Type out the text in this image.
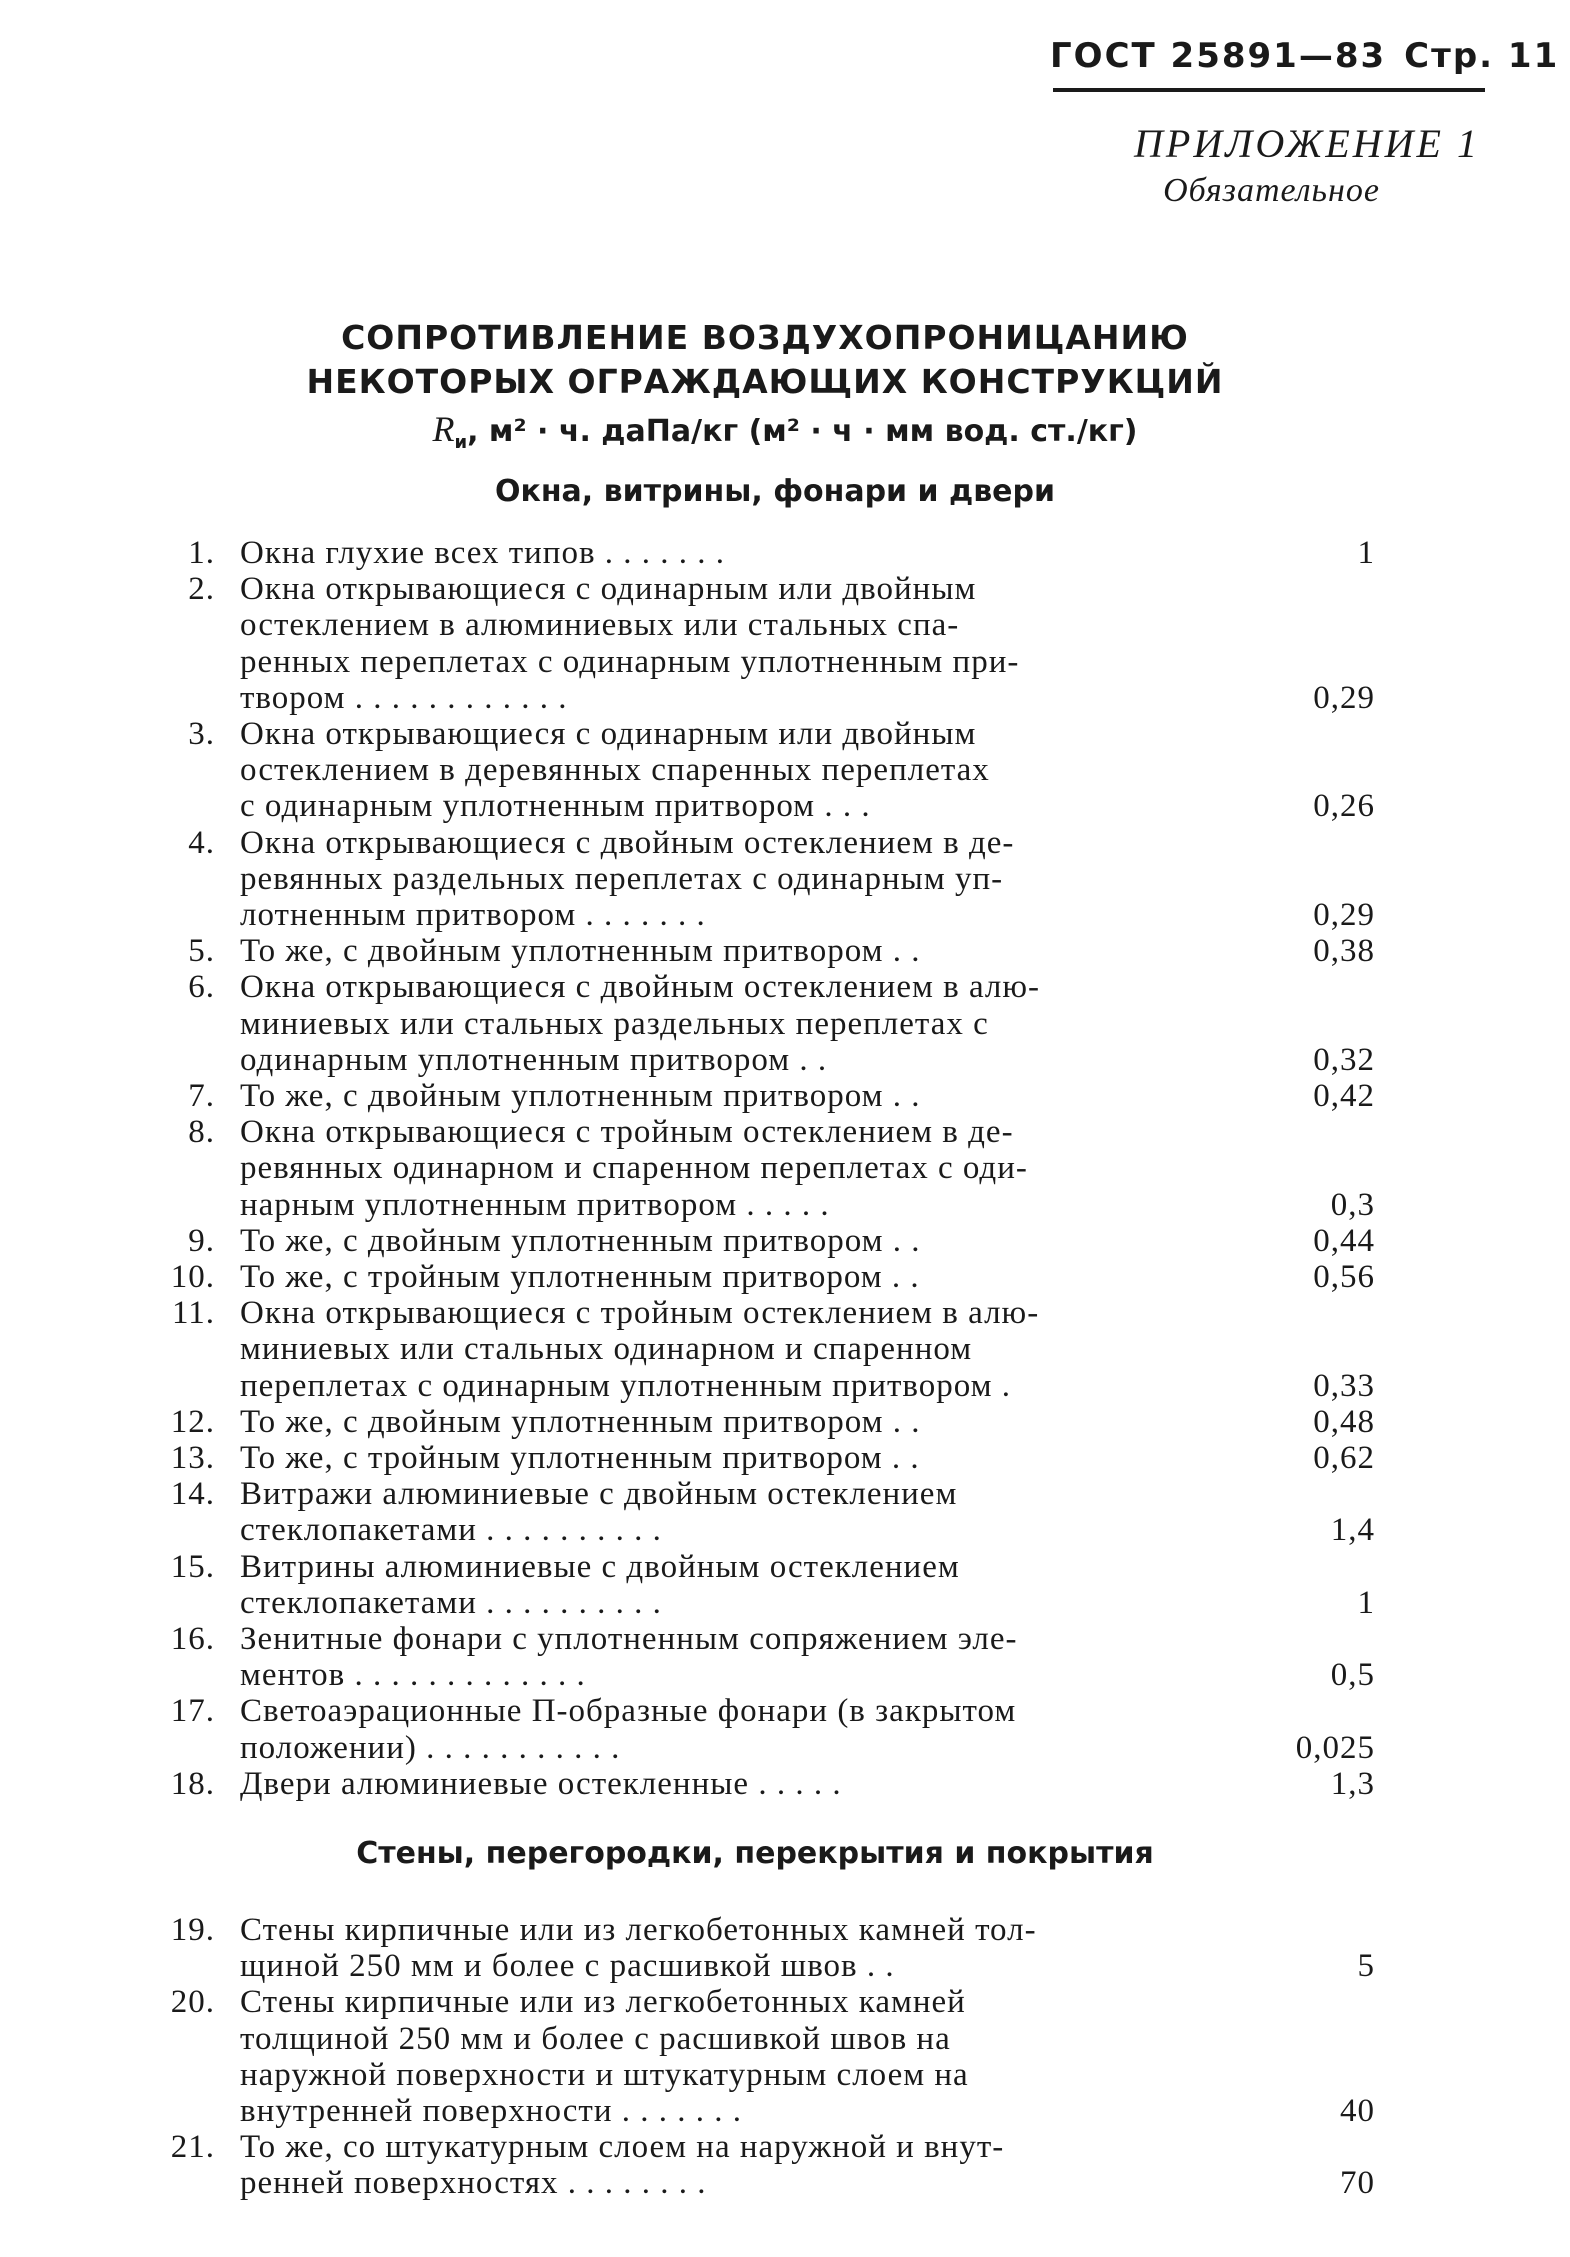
ГОСТ 25891—83 Стр. 11
ПРИЛОЖЕНИЕ 1
Обязательное
СОПРОТИВЛЕНИЕ ВОЗДУХОПРОНИЦАНИЮ
НЕКОТОРЫХ ОГРАЖДАЮЩИХ КОНСТРУКЦИЙ
$R_и$, м² · ч. даПа/кг (м² · ч · мм вод. ст./кг)
Окна, витрины, фонари и двери
Стены, перегородки, перекрытия и покрытия
1. Окна глухие всех типов . . . . . . .	1
2. Окна открывающиеся с одинарным или двойным
остеклением в алюминиевых или стальных спа-
ренных переплетах с одинарным уплотненным при-
твором . . . . . . . . . . . .	0,29
3. Окна открывающиеся с одинарным или двойным
остеклением в деревянных спаренных переплетах
с одинарным уплотненным притвором . . .	0,26
4. Окна открывающиеся с двойным остеклением в де-
ревянных раздельных переплетах с одинарным уп-
лотненным притвором . . . . . . .	0,29
5. То же, с двойным уплотненным притвором . .	0,38
6. Окна открывающиеся с двойным остеклением в алю-
миниевых или стальных раздельных переплетах с
одинарным уплотненным притвором . .	0,32
7. То же, с двойным уплотненным притвором . .	0,42
8. Окна открывающиеся с тройным остеклением в де-
ревянных одинарном и спаренном переплетах с оди-
нарным уплотненным притвором . . . . .	0,3
9. То же, с двойным уплотненным притвором . .	0,44
10. То же, с тройным уплотненным притвором . .	0,56
11. Окна открывающиеся с тройным остеклением в алю-
миниевых или стальных одинарном и спаренном
переплетах с одинарным уплотненным притвором .	0,33
12. То же, с двойным уплотненным притвором . .	0,48
13. То же, с тройным уплотненным притвором . .	0,62
14. Витражи алюминиевые с двойным остеклением
стеклопакетами . . . . . . . . . .	1,4
15. Витрины алюминиевые с двойным остеклением
стеклопакетами . . . . . . . . . .	1
16. Зенитные фонари с уплотненным сопряжением эле-
ментов . . . . . . . . . . . . .	0,5
17. Светоаэрационные П-образные фонари (в закрытом
положении) . . . . . . . . . . .	0,025
18. Двери алюминиевые остекленные . . . . .	1,3
19. Стены кирпичные или из легкобетонных камней тол-
щиной 250 мм и более с расшивкой швов . .	5
20. Стены кирпичные или из легкобетонных камней
толщиной 250 мм и более с расшивкой швов на
наружной поверхности и штукатурным слоем на
внутренней поверхности . . . . . . .	40
21. То же, со штукатурным слоем на наружной и внут-
ренней поверхностях . . . . . . . .	70
